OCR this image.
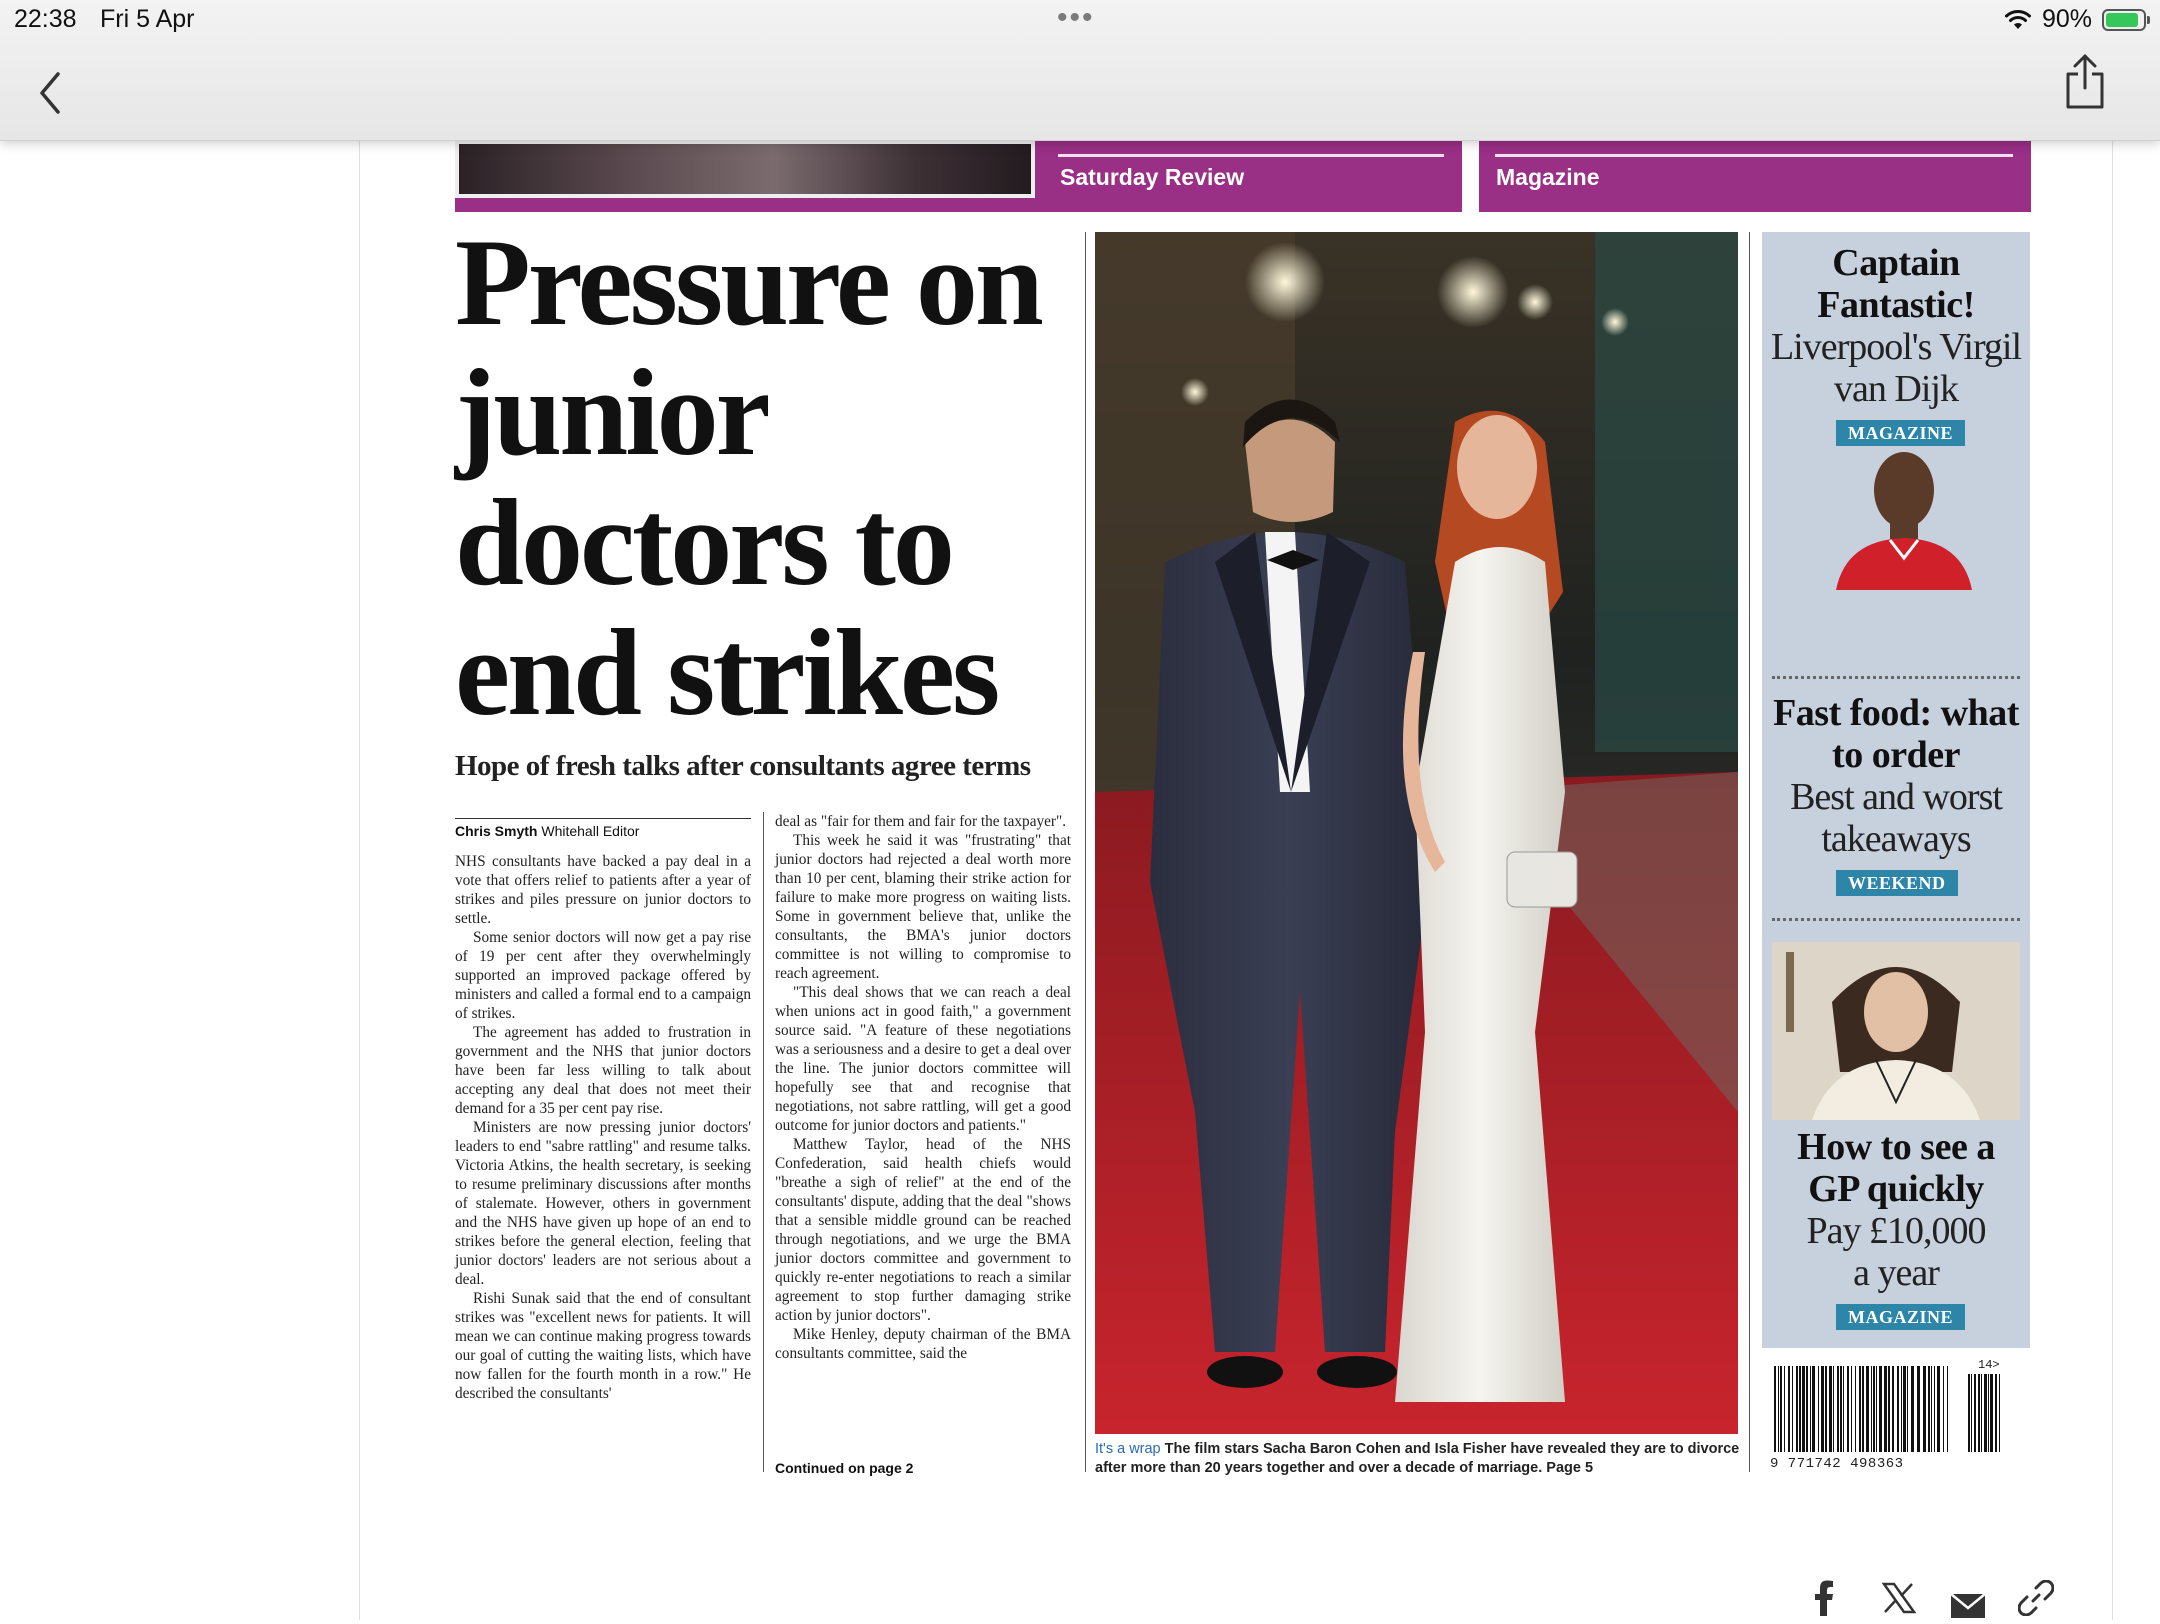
22:38 Fri 5 Apr	•••	90%
Saturday Review	Magazine
Pressure on junior doctors to end strikes
Hope of fresh talks after consultants agree terms
Chris Smyth Whitehall Editor

NHS consultants have backed a pay deal in a vote that offers relief to patients after a year of strikes and piles pressure on junior doctors to settle.

Some senior doctors will now get a pay rise of 19 per cent after they overwhelmingly supported an improved package offered by ministers and called a formal end to a campaign of strikes.

The agreement has added to frustration in government and the NHS that junior doctors have been far less willing to talk about accepting any deal that does not meet their demand for a 35 per cent pay rise.

Ministers are now pressing junior doctors' leaders to end "sabre rattling" and resume talks. Victoria Atkins, the health secretary, is seeking to resume preliminary discussions after months of stalemate. However, others in government and the NHS have given up hope of an end to strikes before the general election, feeling that junior doctors' leaders are not serious about a deal.

Rishi Sunak said that the end of consultant strikes was "excellent news for patients. It will mean we can continue making progress towards our goal of cutting the waiting lists, which have now fallen for the fourth month in a row." He described the consultants'

deal as "fair for them and fair for the taxpayer".

This week he said it was "frustrating" that junior doctors had rejected a deal worth more than 10 per cent, blaming their strike action for failure to make more progress on waiting lists. Some in government believe that, unlike the consultants, the BMA's junior doctors committee is not willing to compromise to reach agreement.

"This deal shows that we can reach a deal when unions act in good faith," a government source said. "A feature of these negotiations was a seriousness and a desire to get a deal over the line. The junior doctors committee will hopefully see that and recognise that negotiations, not sabre rattling, will get a good outcome for junior doctors and patients."

Matthew Taylor, head of the NHS Confederation, said health chiefs would "breathe a sigh of relief" at the end of the consultants' dispute, adding that the deal "shows that a sensible middle ground can be reached through negotiations, and we urge the BMA junior doctors committee and government to quickly re-enter negotiations to reach a similar agreement to stop further damaging strike action by junior doctors".

Mike Henley, deputy chairman of the BMA consultants committee, said the

Continued on page 2
It's a wrap The film stars Sacha Baron Cohen and Isla Fisher have revealed they are to divorce after more than 20 years together and over a decade of marriage. Page 5
Captain Fantastic!
Liverpool's Virgil van Dijk
MAGAZINE
Fast food: what to order
Best and worst takeaways
WEEKEND
How to see a GP quickly
Pay £10,000 a year
MAGAZINE
9 771742 498363
14>
